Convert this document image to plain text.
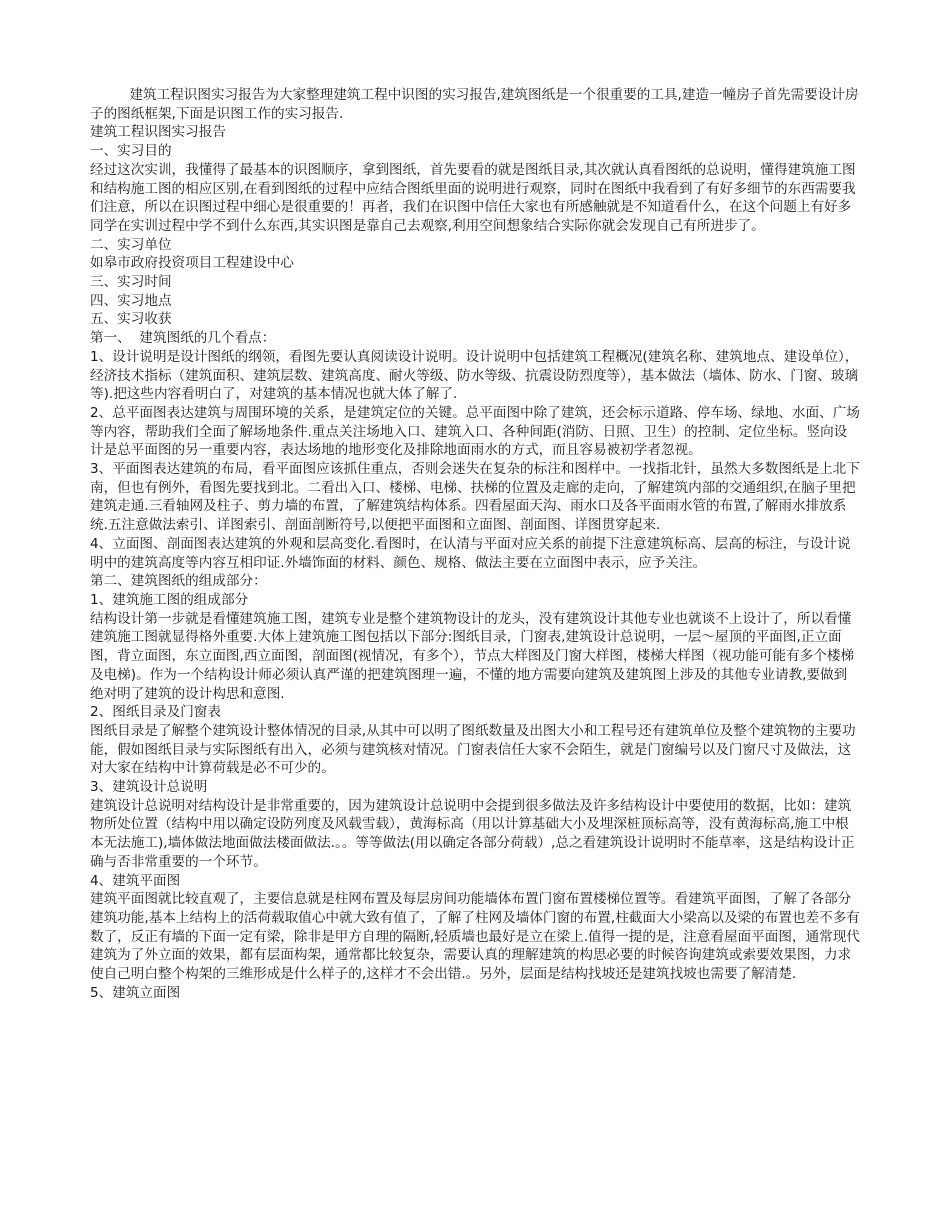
建筑工程识图实习报告为大家整理建筑工程中识图的实习报告,建筑图纸是一个很重要的工具,建造一幢房子首先需要设计房子的图纸框架,下面是识图工作的实习报告.

建筑工程识图实习报告

一、实习目的

经过这次实训，我懂得了最基本的识图顺序，拿到图纸，首先要看的就是图纸目录,其次就认真看图纸的总说明，懂得建筑施工图和结构施工图的相应区别,在看到图纸的过程中应结合图纸里面的说明进行观察，同时在图纸中我看到了有好多细节的东西需要我们注意，所以在识图过程中细心是很重要的！再者，我们在识图中信任大家也有所感触就是不知道看什么，在这个问题上有好多同学在实训过程中学不到什么东西,其实识图是靠自己去观察,利用空间想象结合实际你就会发现自己有所进步了。

二、实习单位

如皋市政府投资项目工程建设中心

三、实习时间

四、实习地点

五、实习收获

第一、  建筑图纸的几个看点：

1、设计说明是设计图纸的纲领，看图先要认真阅读设计说明。设计说明中包括建筑工程概况(建筑名称、建筑地点、建设单位），经济技术指标（建筑面积、建筑层数、建筑高度、耐火等级、防水等级、抗震设防烈度等），基本做法（墙体、防水、门窗、玻璃等).把这些内容看明白了，对建筑的基本情况也就大体了解了.

2、总平面图表达建筑与周围环境的关系，是建筑定位的关键。总平面图中除了建筑，还会标示道路、停车场、绿地、水面、广场等内容，帮助我们全面了解场地条件.重点关注场地入口、建筑入口、各种间距(消防、日照、卫生）的控制、定位坐标。竖向设计是总平面图的另一重要内容，表达场地的地形变化及排除地面雨水的方式，而且容易被初学者忽视。

3、平面图表达建筑的布局，看平面图应该抓住重点，否则会迷失在复杂的标注和图样中。一找指北针，虽然大多数图纸是上北下南，但也有例外，看图先要找到北。二看出入口、楼梯、电梯、扶梯的位置及走廊的走向，了解建筑内部的交通组织,在脑子里把建筑走通.三看轴网及柱子、剪力墙的布置，了解建筑结构体系。四看屋面天沟、雨水口及各平面雨水管的布置,了解雨水排放系统.五注意做法索引、详图索引、剖面剖断符号,以便把平面图和立面图、剖面图、详图贯穿起来.

4、立面图、剖面图表达建筑的外观和层高变化.看图时，在认清与平面对应关系的前提下注意建筑标高、层高的标注，与设计说明中的建筑高度等内容互相印证.外墙饰面的材料、颜色、规格、做法主要在立面图中表示，应予关注。

第二、建筑图纸的组成部分：

1、建筑施工图的组成部分

结构设计第一步就是看懂建筑施工图，建筑专业是整个建筑物设计的龙头，没有建筑设计其他专业也就谈不上设计了，所以看懂建筑施工图就显得格外重要.大体上建筑施工图包括以下部分:图纸目录，门窗表,建筑设计总说明，一层～屋顶的平面图,正立面图，背立面图，东立面图,西立面图，剖面图(视情况，有多个），节点大样图及门窗大样图，楼梯大样图（视功能可能有多个楼梯及电梯)。作为一个结构设计师必须认真严谨的把建筑图理一遍，不懂的地方需要向建筑及建筑图上涉及的其他专业请教,要做到绝对明了建筑的设计构思和意图.

2、图纸目录及门窗表

图纸目录是了解整个建筑设计整体情况的目录,从其中可以明了图纸数量及出图大小和工程号还有建筑单位及整个建筑物的主要功能，假如图纸目录与实际图纸有出入，必须与建筑核对情况。门窗表信任大家不会陌生，就是门窗编号以及门窗尺寸及做法，这对大家在结构中计算荷载是必不可少的。

3、建筑设计总说明

建筑设计总说明对结构设计是非常重要的，因为建筑设计总说明中会提到很多做法及许多结构设计中要使用的数据，比如：建筑物所处位置（结构中用以确定设防列度及风载雪载），黄海标高（用以计算基础大小及埋深桩顶标高等，没有黄海标高,施工中根本无法施工),墙体做法地面做法楼面做法.。。等等做法(用以确定各部分荷载）,总之看建筑设计说明时不能草率，这是结构设计正确与否非常重要的一个环节。

4、建筑平面图

建筑平面图就比较直观了，主要信息就是柱网布置及每层房间功能墙体布置门窗布置楼梯位置等。看建筑平面图，了解了各部分建筑功能,基本上结构上的活荷载取值心中就大致有值了，了解了柱网及墙体门窗的布置,柱截面大小梁高以及梁的布置也差不多有数了，反正有墙的下面一定有梁，除非是甲方自理的隔断,轻质墙也最好是立在梁上.值得一提的是，注意看屋面平面图，通常现代建筑为了外立面的效果，都有层面构架，通常都比较复杂，需要认真的理解建筑的构思必要的时候咨询建筑或索要效果图，力求使自己明白整个构架的三维形成是什么样子的,这样才不会出错.。另外，层面是结构找坡还是建筑找坡也需要了解清楚.

5、建筑立面图
